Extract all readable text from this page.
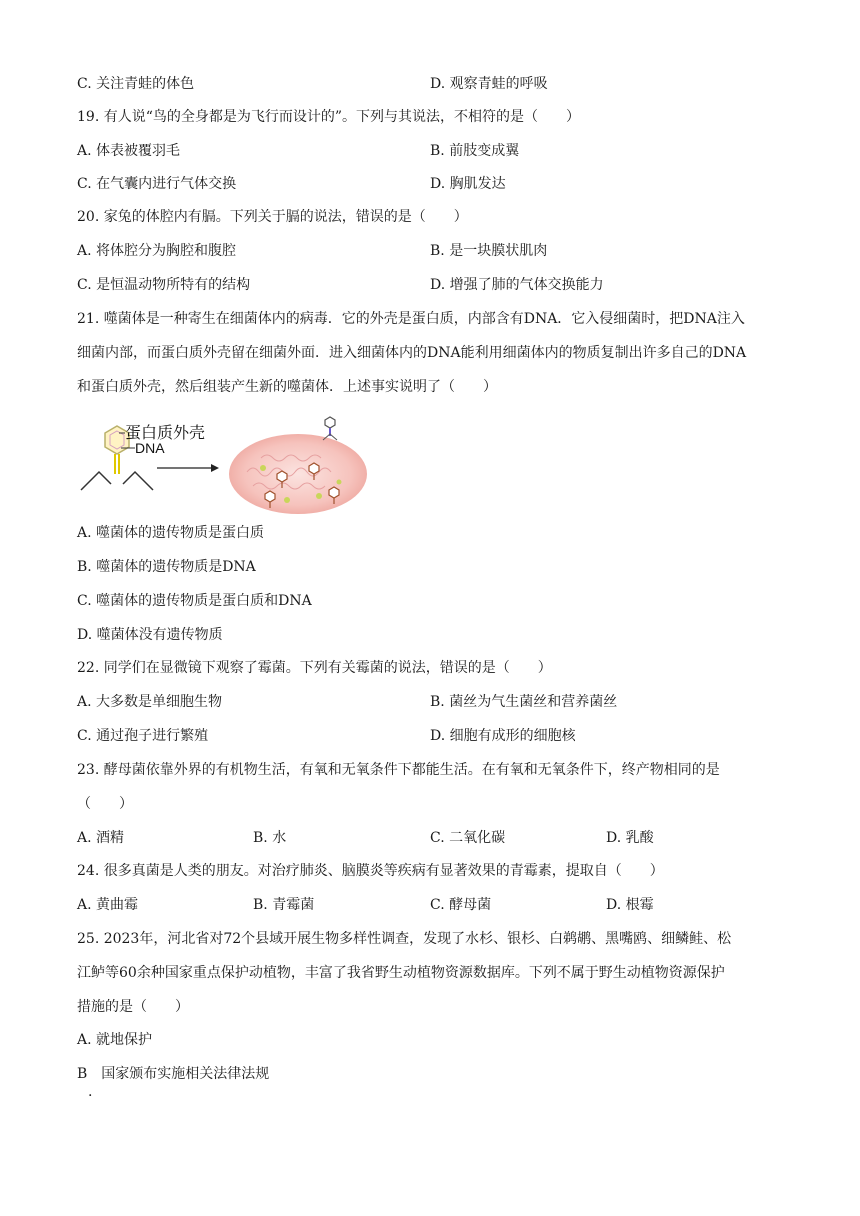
C. 关注青蛙的体色	D. 观察青蛙的呼吸
19. 有人说“鸟的全身都是为飞行而设计的”。下列与其说法，不相符的是（　　）
A. 体表被覆羽毛	B. 前肢变成翼
C. 在气囊内进行气体交换	D. 胸肌发达
20. 家兔的体腔内有膈。下列关于膈的说法，错误的是（　　）
A. 将体腔分为胸腔和腹腔	B. 是一块膜状肌肉
C. 是恒温动物所特有的结构	D. 增强了肺的气体交换能力
21. 噬菌体是一种寄生在细菌体内的病毒．它的外壳是蛋白质，内部含有DNA．它入侵细菌时，把DNA注入
细菌内部，而蛋白质外壳留在细菌外面．进入细菌体内的DNA能利用细菌体内的物质复制出许多自己的DNA
和蛋白质外壳，然后组装产生新的噬菌体．上述事实说明了（　　）
蛋白质外壳
DNA
A. 噬菌体的遗传物质是蛋白质
B. 噬菌体的遗传物质是DNA
C. 噬菌体的遗传物质是蛋白质和DNA
D. 噬菌体没有遗传物质
22. 同学们在显微镜下观察了霉菌。下列有关霉菌的说法，错误的是（　　）
A. 大多数是单细胞生物	B. 菌丝为气生菌丝和营养菌丝
C. 通过孢子进行繁殖	D. 细胞有成形的细胞核
23. 酵母菌依靠外界的有机物生活，有氧和无氧条件下都能生活。在有氧和无氧条件下，终产物相同的是
（　　）
A. 酒精	B. 水	C. 二氧化碳	D. 乳酸
24. 很多真菌是人类的朋友。对治疗肺炎、脑膜炎等疾病有显著效果的青霉素，提取自（　　）
A. 黄曲霉	B. 青霉菌	C. 酵母菌	D. 根霉
25. 2023年，河北省对72个县域开展生物多样性调查，发现了水杉、银杉、白鹈鹕、黑嘴鸥、细鳞鲑、松
江鲈等60余种国家重点保护动植物，丰富了我省野生动植物资源数据库。下列不属于野生动植物资源保护
措施的是（　　）
A. 就地保护
B　国家颁布实施相关法律法规
.
